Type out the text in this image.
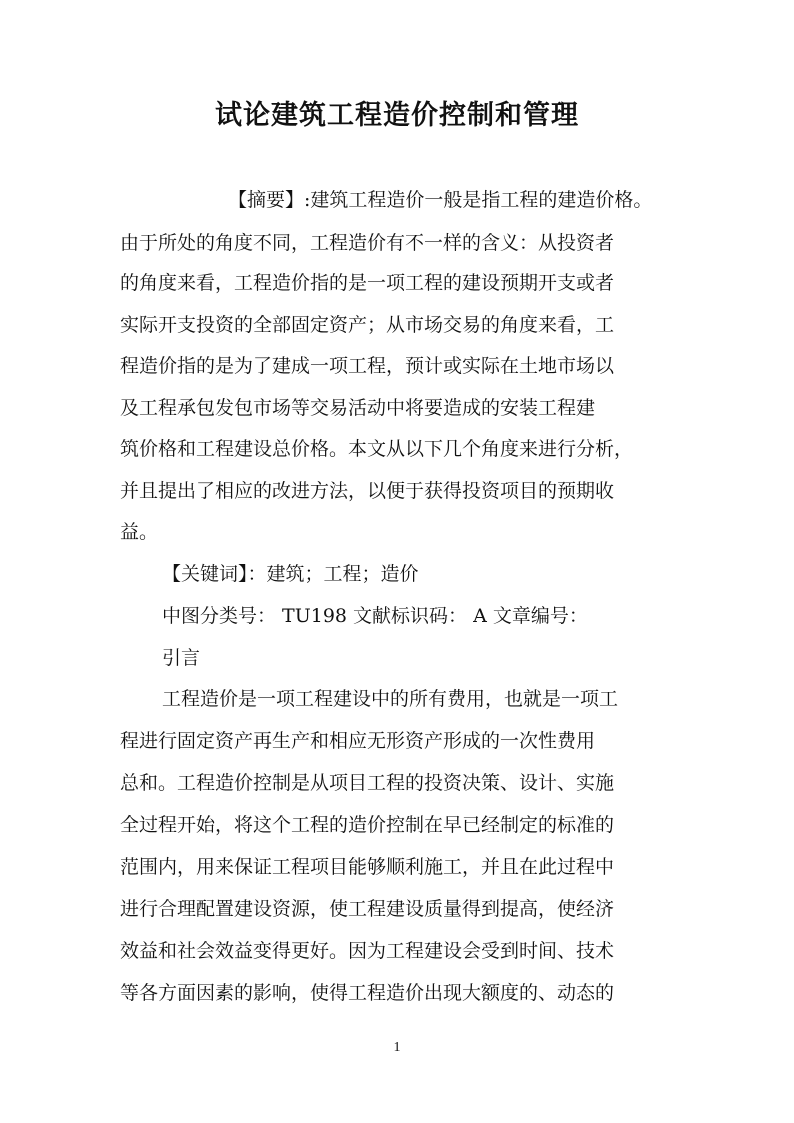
试论建筑工程造价控制和管理
【摘要】:建筑工程造价一般是指工程的建造价格。
由于所处的角度不同，工程造价有不一样的含义：从投资者
的角度来看，工程造价指的是一项工程的建设预期开支或者
实际开支投资的全部固定资产；从市场交易的角度来看，工
程造价指的是为了建成一项工程，预计或实际在土地市场以
及工程承包发包市场等交易活动中将要造成的安装工程建
筑价格和工程建设总价格。本文从以下几个角度来进行分析，
并且提出了相应的改进方法，以便于获得投资项目的预期收
益。
【关键词】：建筑；工程；造价
中图分类号： TU198 文献标识码： A 文章编号：
引言
工程造价是一项工程建设中的所有费用，也就是一项工
程进行固定资产再生产和相应无形资产形成的一次性费用
总和。工程造价控制是从项目工程的投资决策、设计、实施
全过程开始，将这个工程的造价控制在早已经制定的标准的
范围内，用来保证工程项目能够顺利施工，并且在此过程中
进行合理配置建设资源，使工程建设质量得到提高，使经济
效益和社会效益变得更好。因为工程建设会受到时间、技术
等各方面因素的影响，使得工程造价出现大额度的、动态的
1
